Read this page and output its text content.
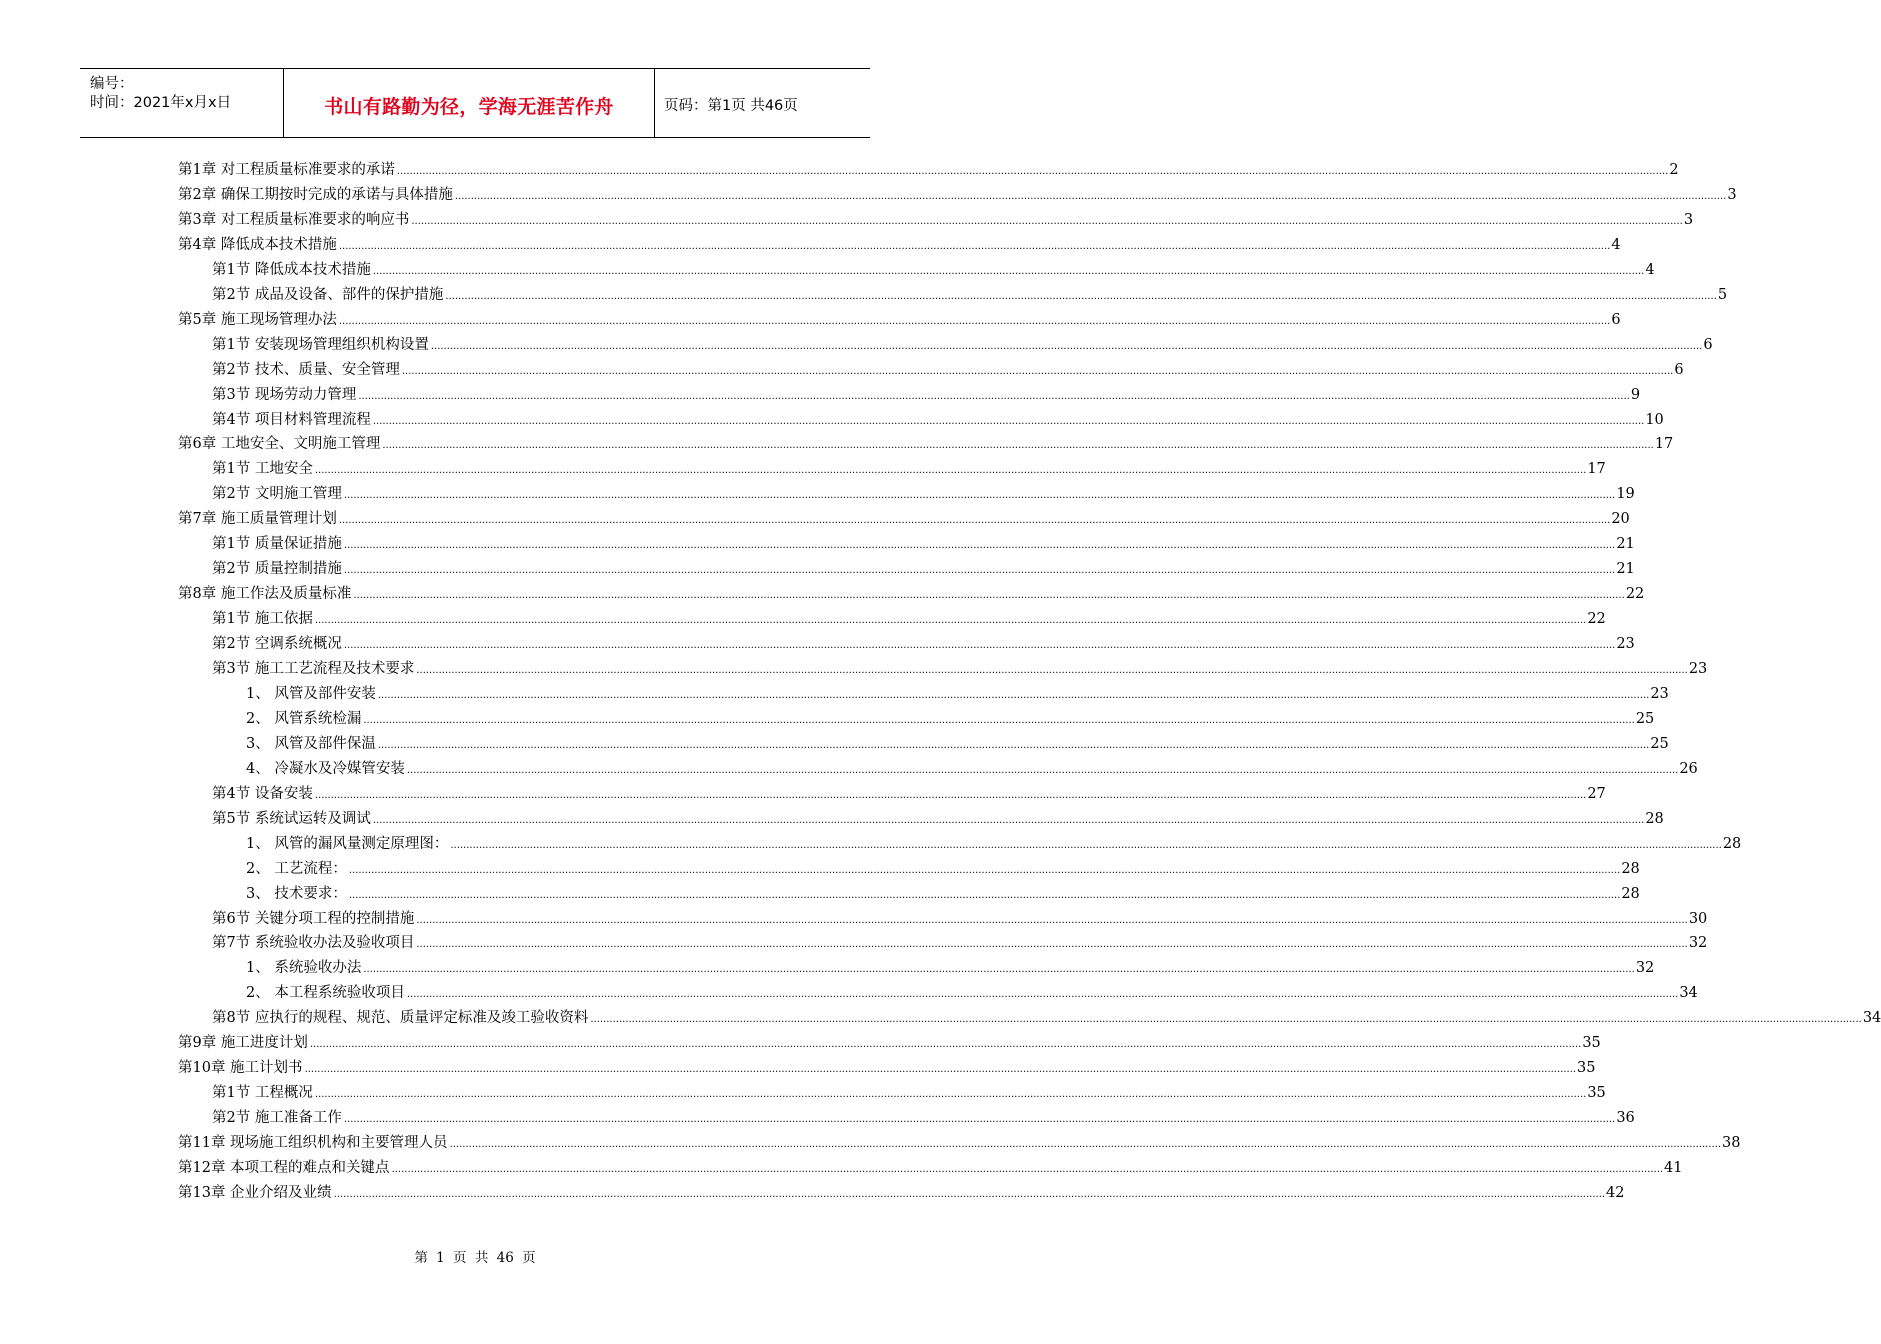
编号：
时间：2021年x月x日	书山有路勤为径，学海无涯苦作舟	页码：第1页 共46页
第1章 对工程质量标准要求的承诺 ................................................................................................................................................................................................................................................................................................................................................................................................................ 2
第2章 确保工期按时完成的承诺与具体措施 ................................................................................................................................................................................................................................................................................................................................................................................................................ 3
第3章 对工程质量标准要求的响应书 ................................................................................................................................................................................................................................................................................................................................................................................................................ 3
第4章 降低成本技术措施 ................................................................................................................................................................................................................................................................................................................................................................................................................ 4
第1节 降低成本技术措施 ................................................................................................................................................................................................................................................................................................................................................................................................................ 4
第2节 成品及设备、部件的保护措施 ................................................................................................................................................................................................................................................................................................................................................................................................................ 5
第5章 施工现场管理办法 ................................................................................................................................................................................................................................................................................................................................................................................................................ 6
第1节 安装现场管理组织机构设置 ................................................................................................................................................................................................................................................................................................................................................................................................................ 6
第2节 技术、质量、安全管理 ................................................................................................................................................................................................................................................................................................................................................................................................................ 6
第3节 现场劳动力管理 ................................................................................................................................................................................................................................................................................................................................................................................................................ 9
第4节 项目材料管理流程 ................................................................................................................................................................................................................................................................................................................................................................................................................ 10
第6章 工地安全、文明施工管理 ................................................................................................................................................................................................................................................................................................................................................................................................................ 17
第1节 工地安全 ................................................................................................................................................................................................................................................................................................................................................................................................................ 17
第2节 文明施工管理 ................................................................................................................................................................................................................................................................................................................................................................................................................ 19
第7章 施工质量管理计划 ................................................................................................................................................................................................................................................................................................................................................................................................................ 20
第1节 质量保证措施 ................................................................................................................................................................................................................................................................................................................................................................................................................ 21
第2节 质量控制措施 ................................................................................................................................................................................................................................................................................................................................................................................................................ 21
第8章 施工作法及质量标准 ................................................................................................................................................................................................................................................................................................................................................................................................................ 22
第1节 施工依据 ................................................................................................................................................................................................................................................................................................................................................................................................................ 22
第2节 空调系统概况 ................................................................................................................................................................................................................................................................................................................................................................................................................ 23
第3节 施工工艺流程及技术要求 ................................................................................................................................................................................................................................................................................................................................................................................................................ 23
1、 风管及部件安装 ................................................................................................................................................................................................................................................................................................................................................................................................................ 23
2、 风管系统检漏 ................................................................................................................................................................................................................................................................................................................................................................................................................ 25
3、 风管及部件保温 ................................................................................................................................................................................................................................................................................................................................................................................................................ 25
4、 冷凝水及冷媒管安装 ................................................................................................................................................................................................................................................................................................................................................................................................................ 26
第4节 设备安装 ................................................................................................................................................................................................................................................................................................................................................................................................................ 27
第5节 系统试运转及调试 ................................................................................................................................................................................................................................................................................................................................................................................................................ 28
1、 风管的漏风量测定原理图： ................................................................................................................................................................................................................................................................................................................................................................................................................ 28
2、 工艺流程： ................................................................................................................................................................................................................................................................................................................................................................................................................ 28
3、 技术要求： ................................................................................................................................................................................................................................................................................................................................................................................................................ 28
第6节 关键分项工程的控制措施 ................................................................................................................................................................................................................................................................................................................................................................................................................ 30
第7节 系统验收办法及验收项目 ................................................................................................................................................................................................................................................................................................................................................................................................................ 32
1、 系统验收办法 ................................................................................................................................................................................................................................................................................................................................................................................................................ 32
2、 本工程系统验收项目 ................................................................................................................................................................................................................................................................................................................................................................................................................ 34
第8节 应执行的规程、规范、质量评定标准及竣工验收资料 ................................................................................................................................................................................................................................................................................................................................................................................................................ 34
第9章 施工进度计划 ................................................................................................................................................................................................................................................................................................................................................................................................................ 35
第10章 施工计划书 ................................................................................................................................................................................................................................................................................................................................................................................................................ 35
第1节 工程概况 ................................................................................................................................................................................................................................................................................................................................................................................................................ 35
第2节 施工准备工作 ................................................................................................................................................................................................................................................................................................................................................................................................................ 36
第11章 现场施工组织机构和主要管理人员 ................................................................................................................................................................................................................................................................................................................................................................................................................ 38
第12章 本项工程的难点和关键点 ................................................................................................................................................................................................................................................................................................................................................................................................................ 41
第13章 企业介绍及业绩 ................................................................................................................................................................................................................................................................................................................................................................................................................ 42
第 1 页 共 46 页
